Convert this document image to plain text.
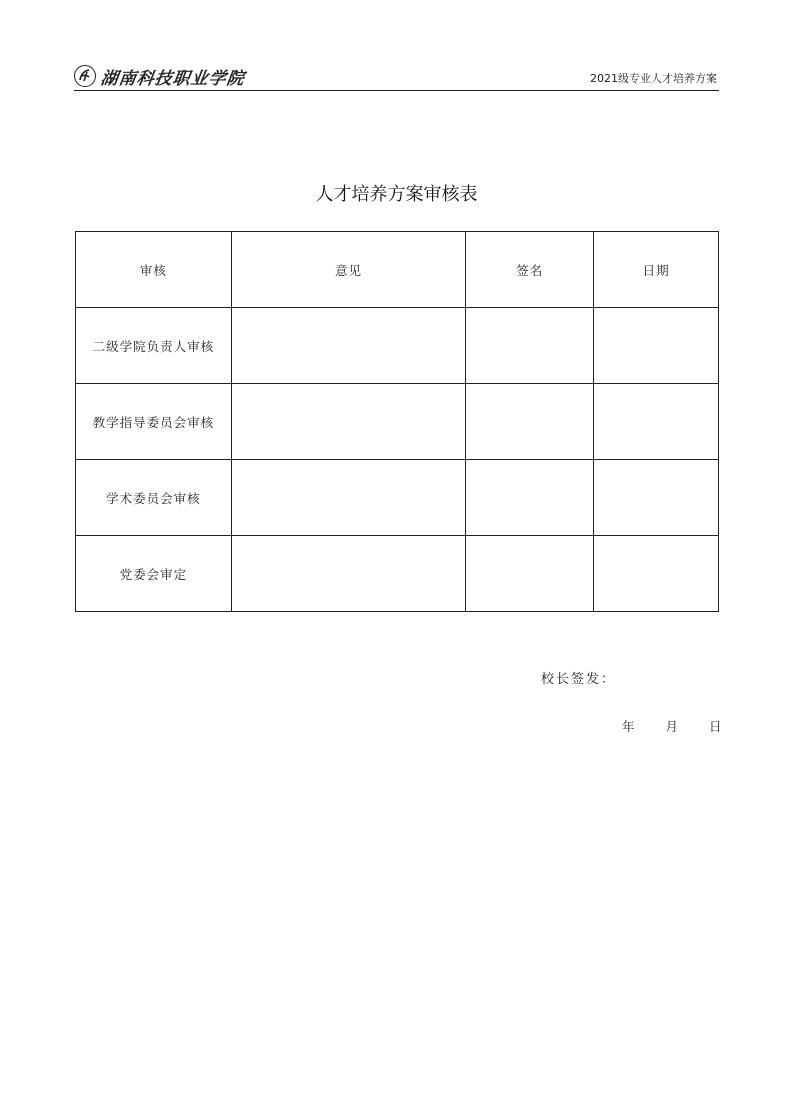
湖南科技职业学院	2021级专业人才培养方案
人才培养方案审核表
审核	意见	签名	日期
二级学院负责人审核			
教学指导委员会审核			
学术委员会审核			
党委会审定			
校长签发：
年 月 日
